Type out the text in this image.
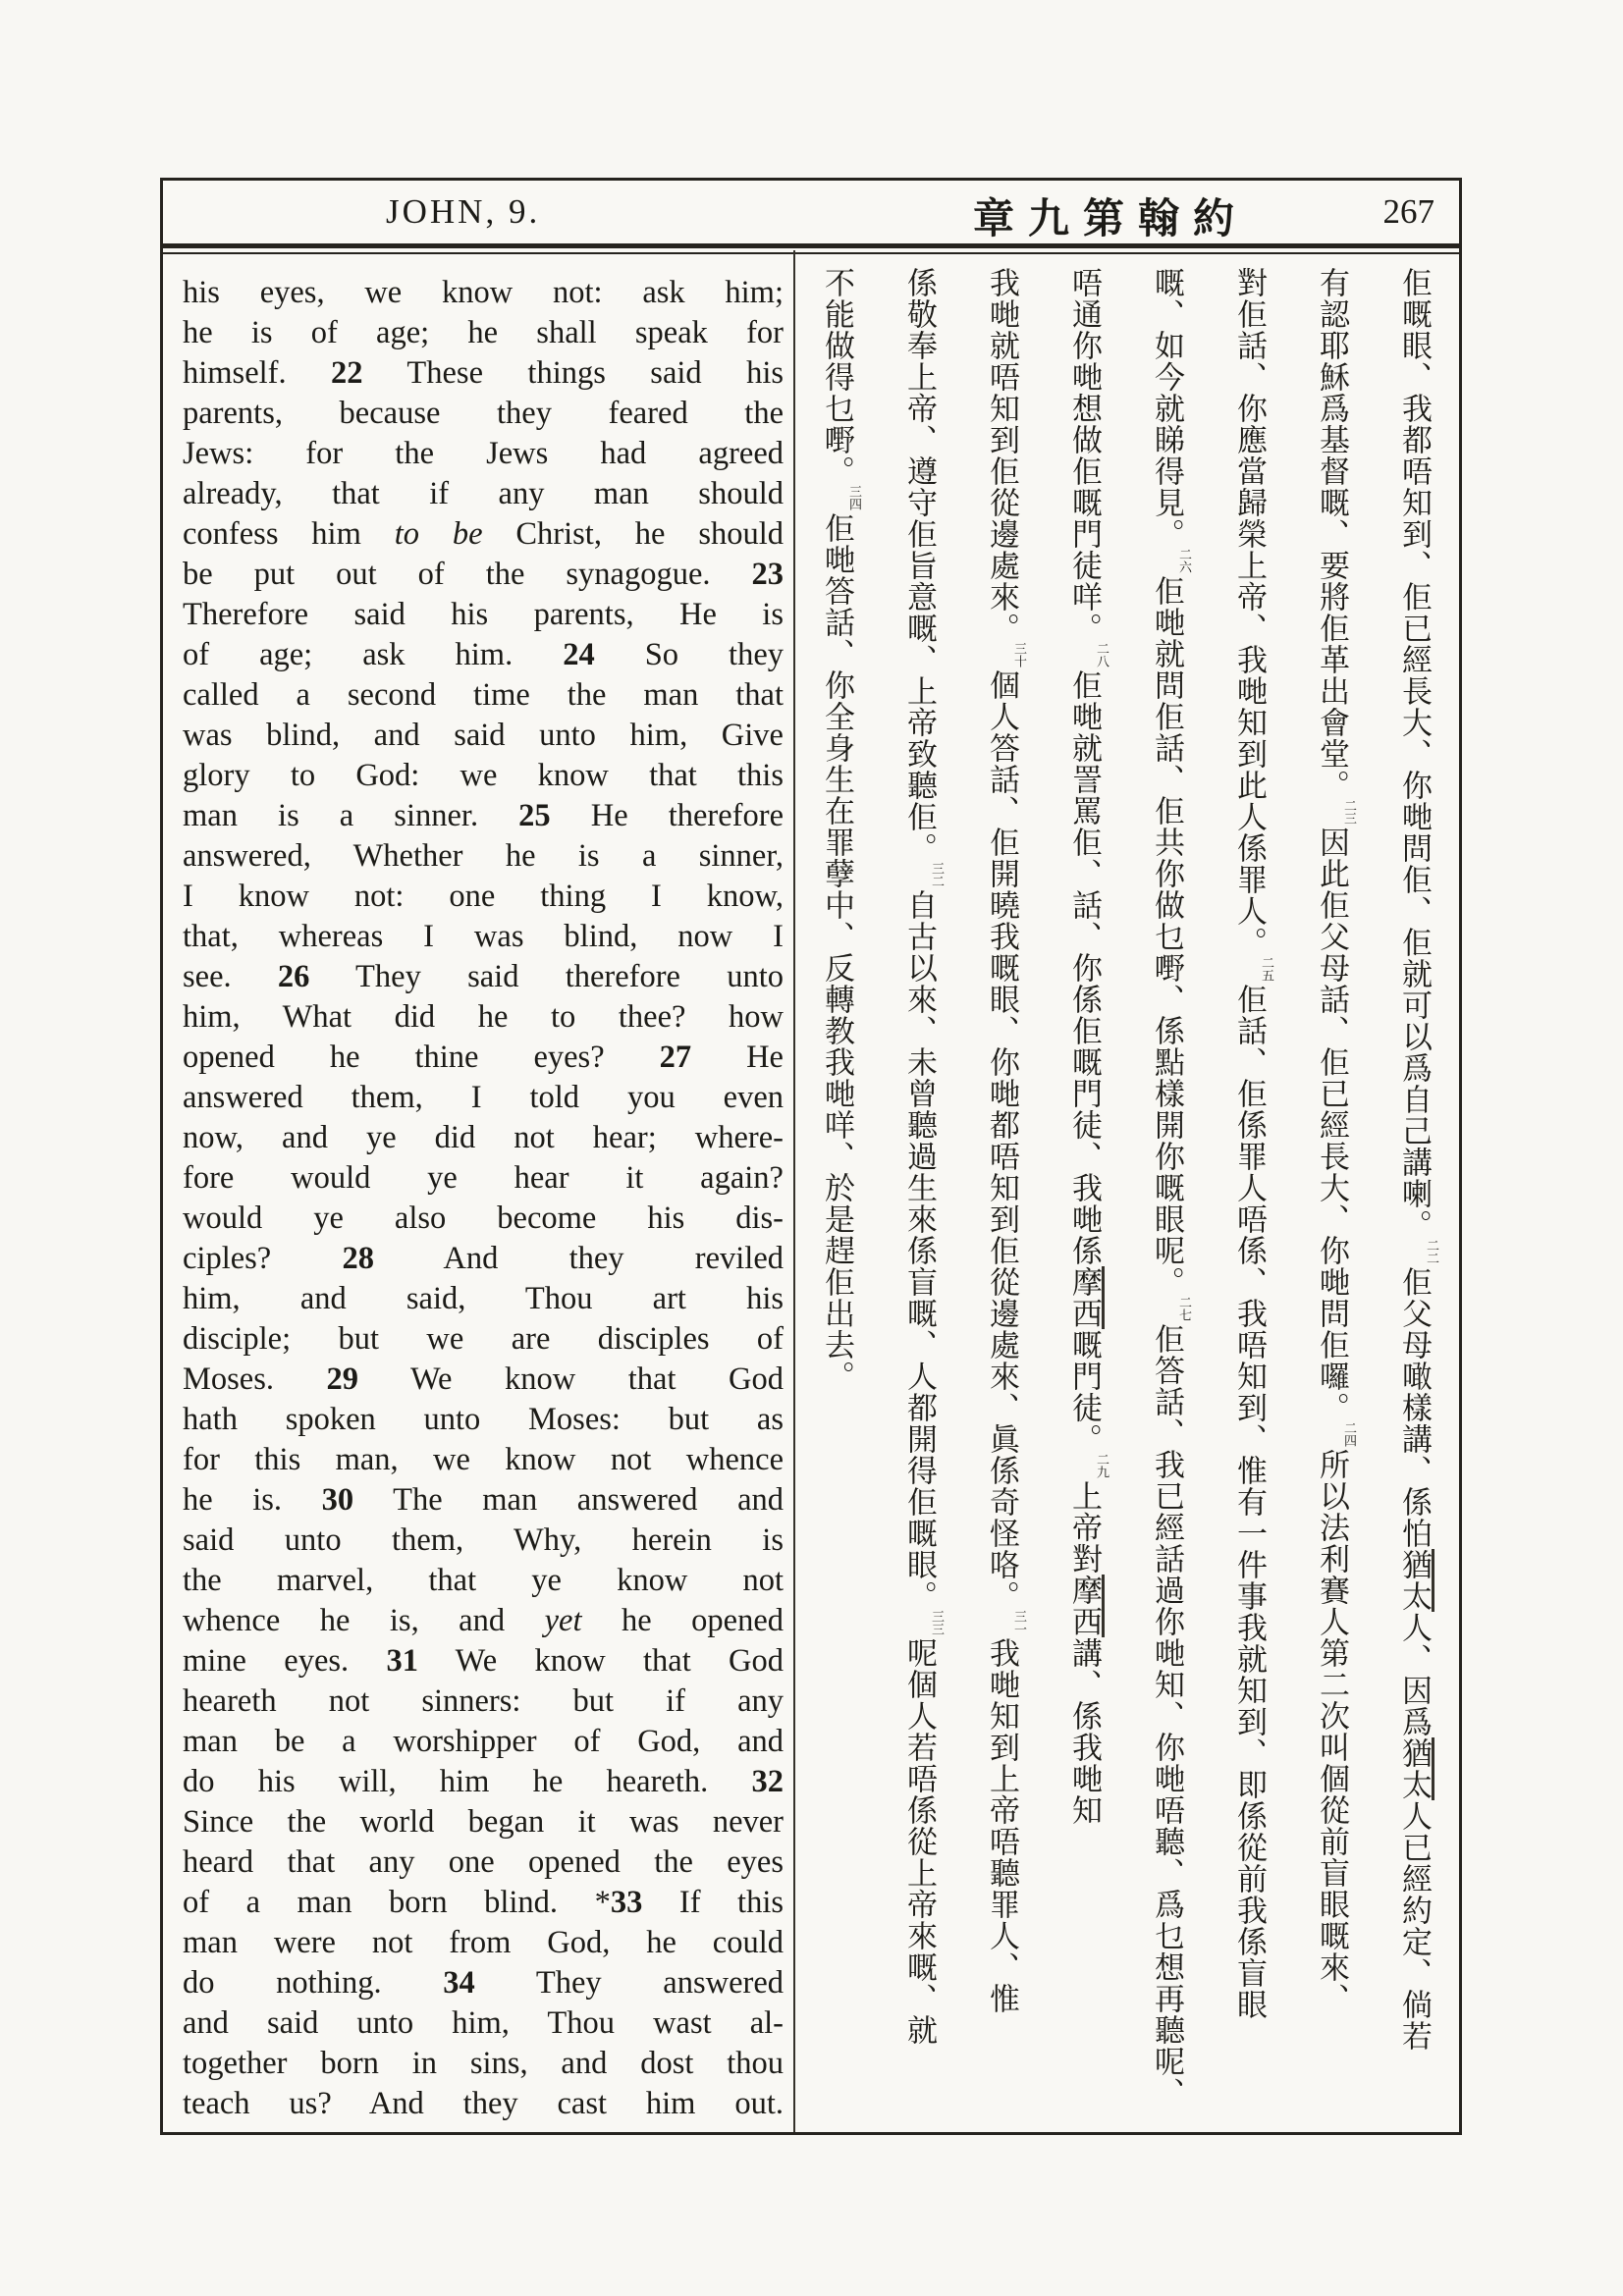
JOHN, 9.	章九第翰約	267
his eyes, we know not: ask him;
he is of age; he shall speak for
himself. 22 These things said his
parents, because they feared the
Jews: for the Jews had agreed
already, that if any man should
confess him to be Christ, he should
be put out of the synagogue. 23
Therefore said his parents, He is
of age; ask him. 24 So they
called a second time the man that
was blind, and said unto him, Give
glory to God: we know that this
man is a sinner. 25 He therefore
answered, Whether he is a sinner,
I know not: one thing I know,
that, whereas I was blind, now I
see. 26 They said therefore unto
him, What did he to thee? how
opened he thine eyes? 27 He
answered them, I told you even
now, and ye did not hear; where-
fore would ye hear it again?
would ye also become his dis-
ciples? 28 And they reviled
him, and said, Thou art his
disciple; but we are disciples of
Moses. 29 We know that God
hath spoken unto Moses: but as
for this man, we know not whence
he is. 30 The man answered and
said unto them, Why, herein is
the marvel, that ye know not
whence he is, and yet he opened
mine eyes. 31 We know that God
heareth not sinners: but if any
man be a worshipper of God, and
do his will, him he heareth. 32
Since the world began it was never
heard that any one opened the eyes
of a man born blind. *33 If this
man were not from God, he could
do nothing. 34 They answered
and said unto him, Thou wast al-
together born in sins, and dost thou
teach us? And they cast him out.
佢嘅眼、我都唔知到、佢已經長大、你哋問佢、佢就可以爲自己講喇。二二佢父母噉樣講、係怕猶太人、因爲猶太人已經約定、倘若
有認耶穌爲基督嘅、要將佢革出會堂。二三因此佢父母話、佢已經長大、你哋問佢囉。二四所以法利賽人第二次叫個從前盲眼嘅來、
對佢話、你應當歸榮上帝、我哋知到此人係罪人。二五佢話、佢係罪人唔係、我唔知到、惟有一件事我就知到、即係從前我係盲眼
嘅、如今就睇得見。二六佢哋就問佢話、佢共你做乜嘢、係點樣開你嘅眼呢。二七佢答話、我已經話過你哋知、你哋唔聽、爲乜想再聽呢、
唔通你哋想做佢嘅門徒咩。二八佢哋就詈罵佢、話、你係佢嘅門徒、我哋係摩西嘅門徒。二九上帝對摩西講、係我哋知
我哋就唔知到佢從邊處來。三十個人答話、佢開曉我嘅眼、你哋都唔知到佢從邊處來、眞係奇怪咯。三一我哋知到上帝唔聽罪人、惟
係敬奉上帝、遵守佢旨意嘅、上帝致聽佢。三二自古以來、未曾聽過生來係盲嘅、人都開得佢嘅眼。三三呢個人若唔係從上帝來嘅、就
不能做得乜嘢。三四佢哋答話、你全身生在罪孽中、反轉教我哋咩、於是趕佢出去。
